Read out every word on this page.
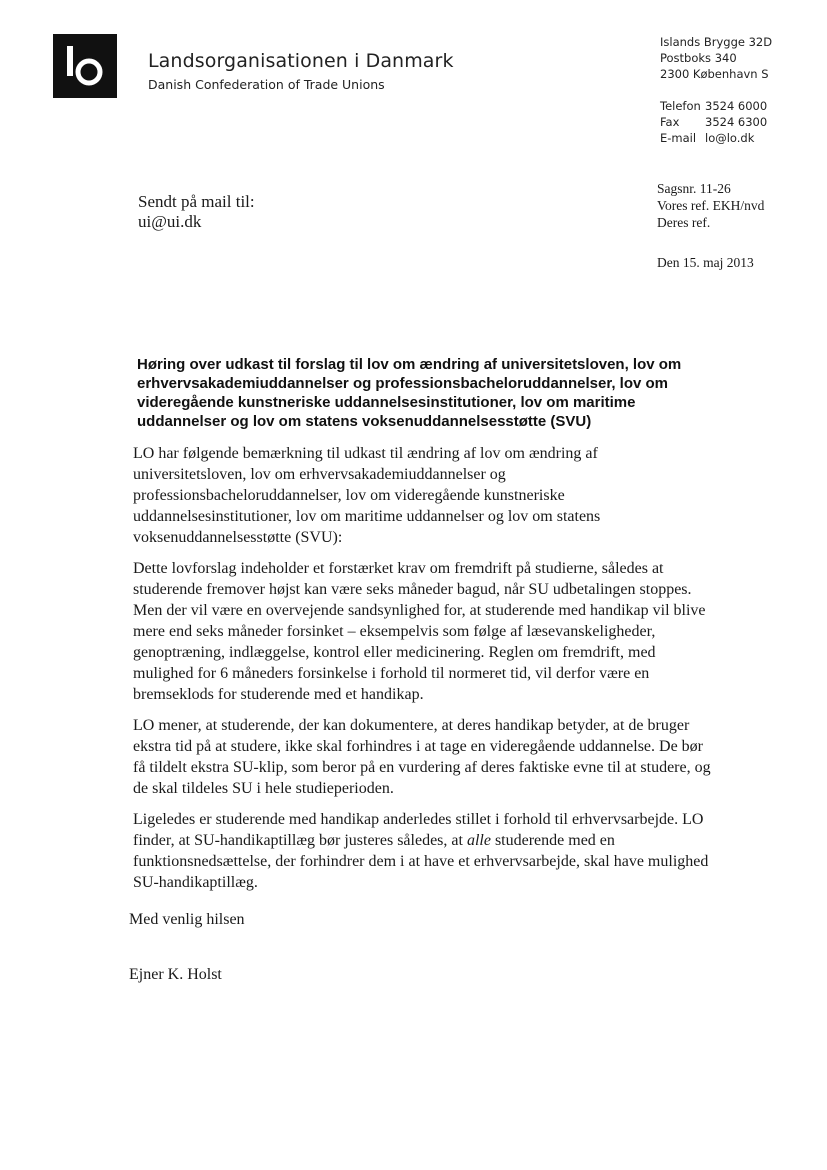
Landsorganisationen i Danmark
Danish Confederation of Trade Unions
Islands Brygge 32D
Postboks 340
2300 København S
Telefon 3524 6000
Fax	3524 6300
E-mail lo@lo.dk
Sendt på mail til:
ui@ui.dk
Sagsnr. 11-26
Vores ref. EKH/nvd
Deres ref.
Den 15. maj 2013
Høring over udkast til forslag til lov om ændring af universitetsloven, lov om erhvervsakademiuddannelser og professionsbacheloruddannelser, lov om videregående kunstneriske uddannelsesinstitutioner, lov om maritime uddannelser og lov om statens voksenuddannelsesstøtte (SVU)

LO har følgende bemærkning til udkast til ændring af lov om ændring af universitetsloven, lov om erhvervsakademiuddannelser og professionsbacheloruddannelser, lov om videregående kunstneriske uddannelsesinstitutioner, lov om maritime uddannelser og lov om statens voksenuddannelsesstøtte (SVU):

Dette lovforslag indeholder et forstærket krav om fremdrift på studierne, således at studerende fremover højst kan være seks måneder bagud, når SU udbetalingen stoppes. Men der vil være en overvejende sandsynlighed for, at studerende med handikap vil blive mere end seks måneder forsinket – eksempelvis som følge af læsevanskeligheder, genoptræning, indlæggelse, kontrol eller medicinering. Reglen om fremdrift, med mulighed for 6 måneders forsinkelse i forhold til normeret tid, vil derfor være en bremseklods for studerende med et handikap.

LO mener, at studerende, der kan dokumentere, at deres handikap betyder, at de bruger ekstra tid på at studere, ikke skal forhindres i at tage en videregående uddannelse. De bør få tildelt ekstra SU-klip, som beror på en vurdering af deres faktiske evne til at studere, og de skal tildeles SU i hele studieperioden.

Ligeledes er studerende med handikap anderledes stillet i forhold til erhvervsarbejde. LO finder, at SU-handikaptillæg bør justeres således, at alle studerende med en funktionsnedsættelse, der forhindrer dem i at have et erhvervsarbejde, skal have mulighed SU-handikaptillæg.

Med venlig hilsen
Ejner K. Holst
